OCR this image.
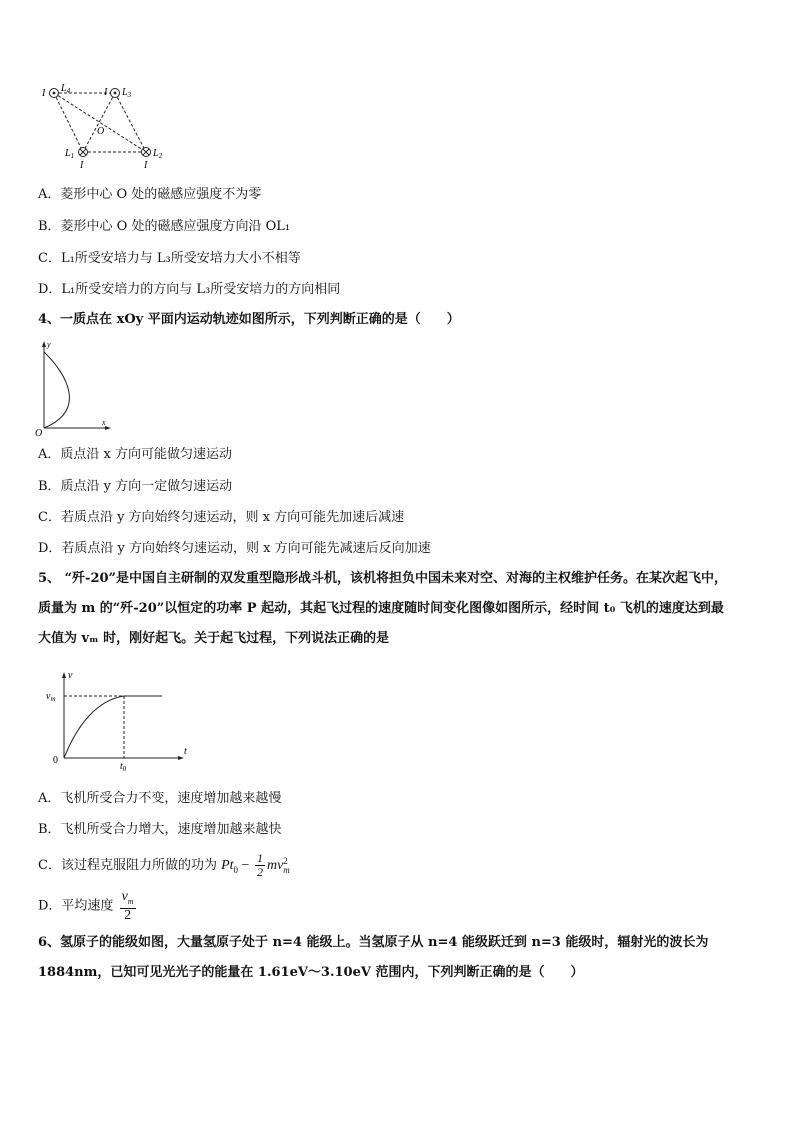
I $L_4$	I $L_3$
O
$L_1$	$L_2$
I	I
A．菱形中心 O 处的磁感应强度不为零
B．菱形中心 O 处的磁感应强度方向沿 OL₁
C．L₁所受安培力与 L₃所受安培力大小不相等
D．L₁所受安培力的方向与 L₃所受安培力的方向相同
4、一质点在 xOy 平面内运动轨迹如图所示，下列判断正确的是（　　）
y
x
O
A．质点沿 x 方向可能做匀速运动
B．质点沿 y 方向一定做匀速运动
C．若质点沿 y 方向始终匀速运动，则 x 方向可能先加速后减速
D．若质点沿 y 方向始终匀速运动，则 x 方向可能先减速后反向加速
5、 “歼-20”是中国自主研制的双发重型隐形战斗机，该机将担负中国未来对空、对海的主权维护任务。在某次起飞中，
质量为 m 的“歼-20”以恒定的功率 P 起动，其起飞过程的速度随时间变化图像如图所示，经时间 t₀ 飞机的速度达到最
大值为 vₘ 时，刚好起飞。关于起飞过程，下列说法正确的是
v
$v_m$
t
0
$t_0$
A．飞机所受合力不变，速度增加越来越慢
B．飞机所受合力增大，速度增加越来越快
C．该过程克服阻力所做的功为 $Pt_0 - \frac{1}{2}$ mv 2
m
D．平均速度 $\frac{v_m}{2}$
6、氢原子的能级如图，大量氢原子处于 n=4 能级上。当氢原子从 n=4 能级跃迁到 n=3 能级时，辐射光的波长为
1884nm，已知可见光光子的能量在 1.61eV～3.10eV 范围内，下列判断正确的是（　　）
